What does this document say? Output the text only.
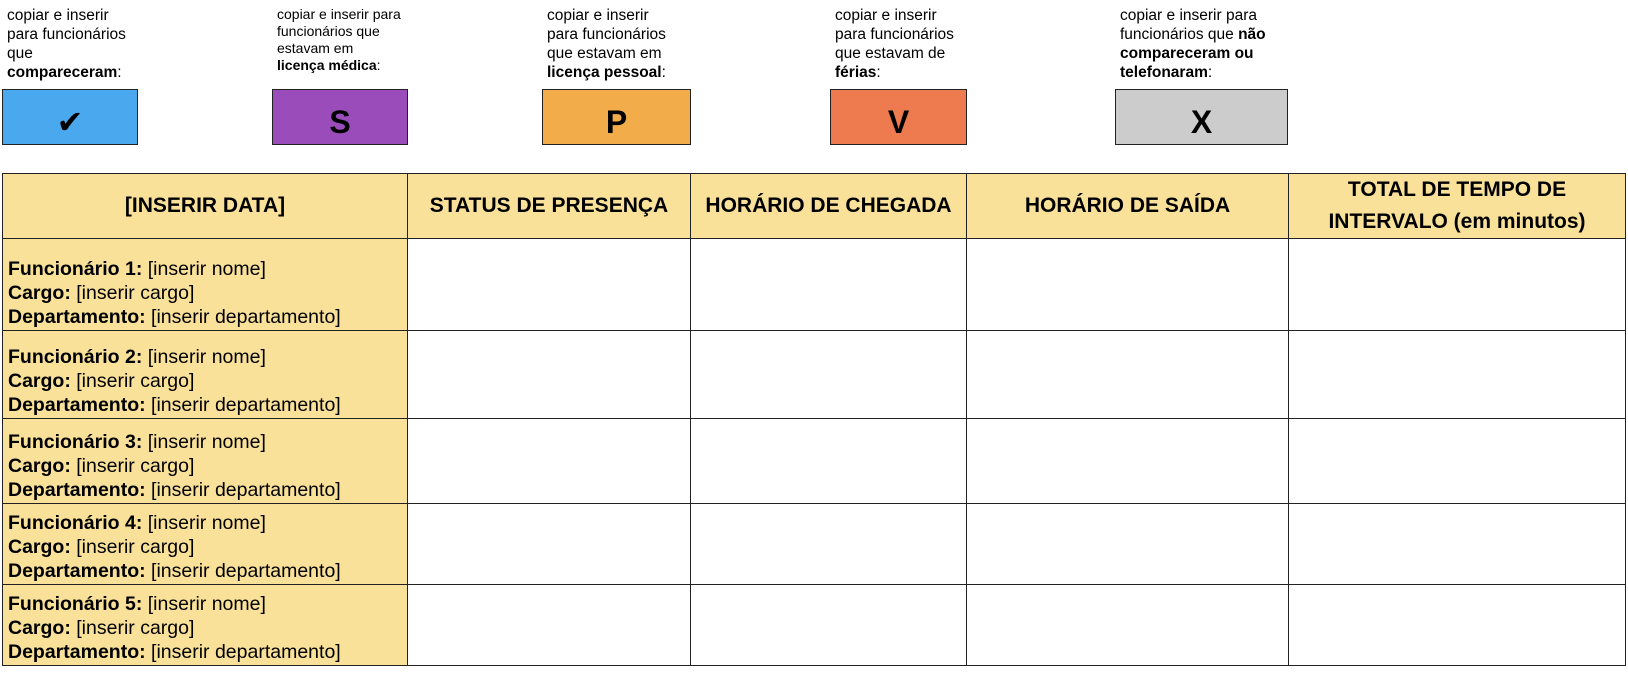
copiar e inserir
para funcionários
que
compareceram:
copiar e inserir para
funcionários que
estavam em
licença médica:
copiar e inserir
para funcionários
que estavam em
licença pessoal:
copiar e inserir
para funcionários
que estavam de
férias:
copiar e inserir para
funcionários que não
compareceram ou
telefonaram:
✔	S	P	V	X
[INSERIR DATA]	STATUS DE PRESENÇA	HORÁRIO DE CHEGADA	HORÁRIO DE SAÍDA	TOTAL DE TEMPO DE INTERVALO (em minutos)

Funcionário 1: [inserir nome]
Cargo: [inserir cargo]
Departamento: [inserir departamento]				

Funcionário 2: [inserir nome]
Cargo: [inserir cargo]
Departamento: [inserir departamento]				

Funcionário 3: [inserir nome]
Cargo: [inserir cargo]
Departamento: [inserir departamento]				

Funcionário 4: [inserir nome]
Cargo: [inserir cargo]
Departamento: [inserir departamento]				

Funcionário 5: [inserir nome]
Cargo: [inserir cargo]
Departamento: [inserir departamento]				
